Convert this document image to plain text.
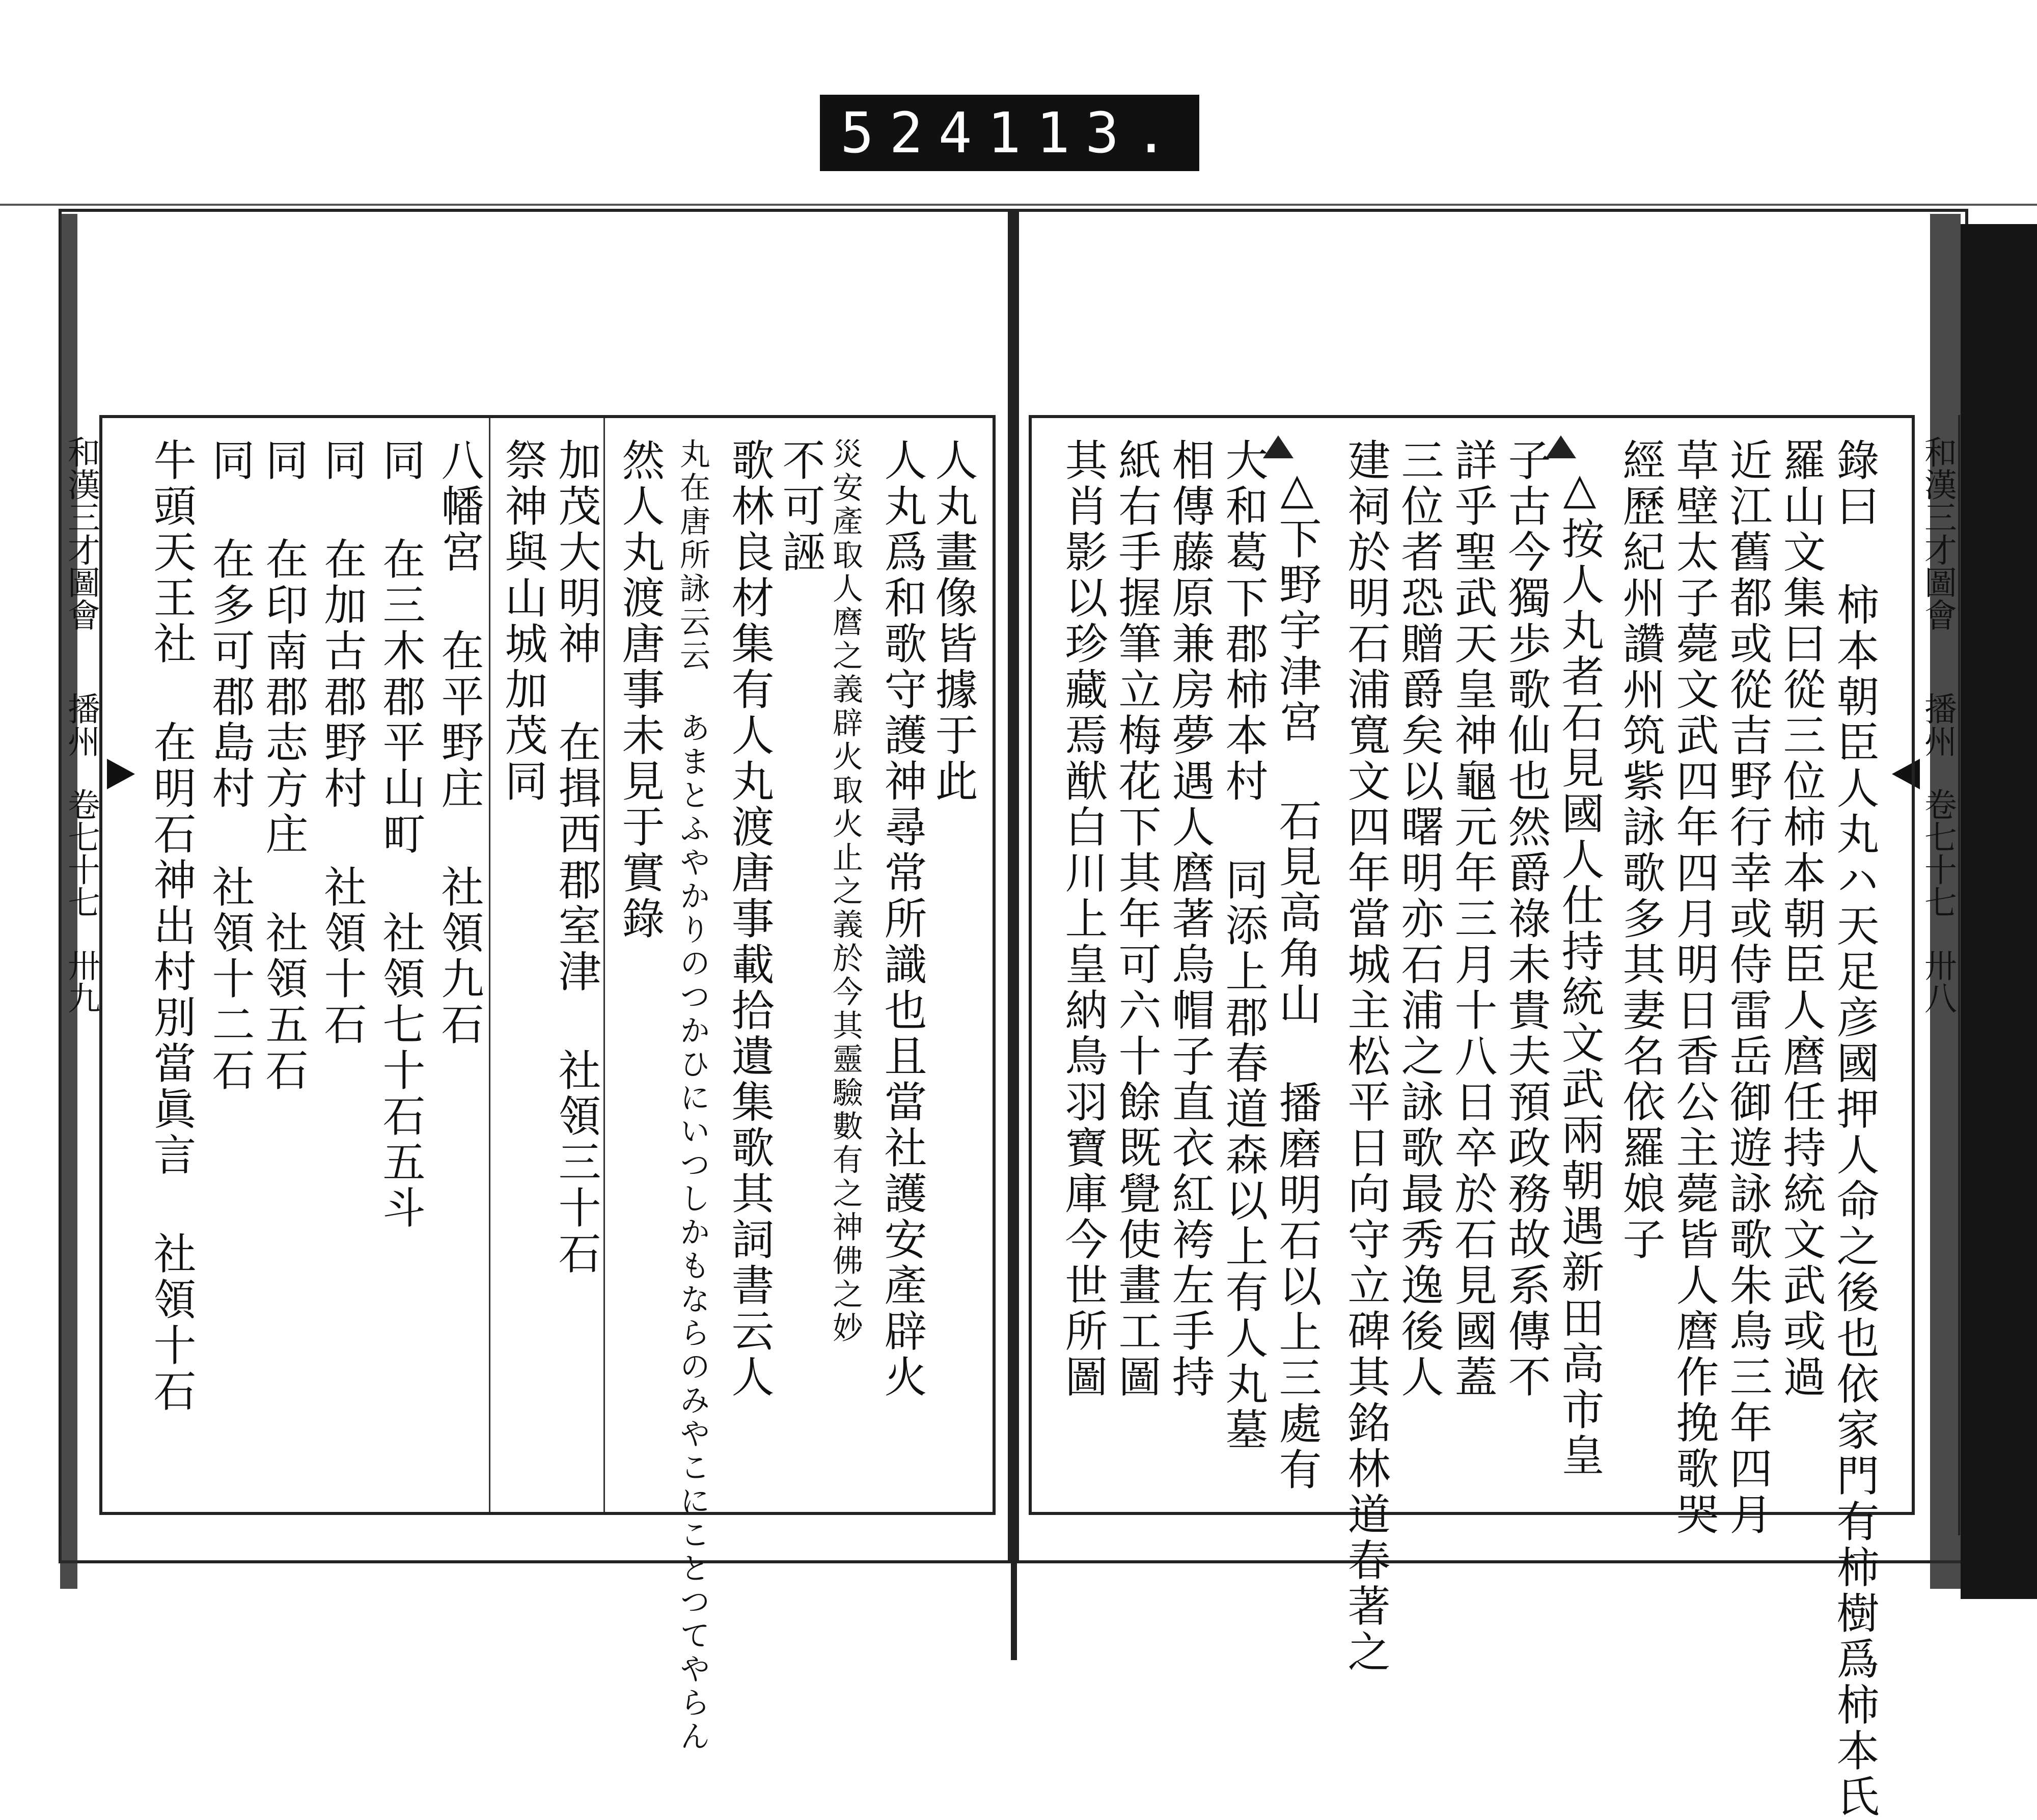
524 113.
和漢三才圖會
播州
卷七十七
卅九
和漢三才圖會
播州
卷七十七
卅八
錄曰 柿本朝臣人丸ハ天足彦國押人命之後也依家門有柿樹爲柿本氏
羅山文集曰從三位柿本朝臣人麿任持統文武或過
近江舊都或從吉野行幸或侍雷岳御遊詠歌朱鳥三年四月
草壁太子薨文武四年四月明日香公主薨皆人麿作挽歌哭
經歷紀州讚州筑紫詠歌多其妻名依羅娘子
△按人丸者石見國人仕持統文武兩朝遇新田高市皇
子古今獨歩歌仙也然爵祿未貴夫預政務故系傳不
詳乎聖武天皇神龜元年三月十八日卒於石見國蓋
三位者恐贈爵矣以曙明亦石浦之詠歌最秀逸後人
建祠於明石浦寬文四年當城主松平日向守立碑其銘林道春著之
△下野宇津宮 石見高角山 播磨明石以上三處有
大和葛下郡柿本村 同添上郡春道森以上有人丸墓
相傳藤原兼房夢遇人麿著烏帽子直衣紅袴左手持
紙右手握筆立梅花下其年可六十餘既覺使畫工圖
其肖影以珍藏焉猷白川上皇納鳥羽寶庫今世所圖
人丸畫像皆據于此
人丸爲和歌守護神尋常所識也且當社護安產辟火
災安產取人麿之義辟火取火止之義於今其靈驗數有之神佛之妙
不可誣
歌林良材集有人丸渡唐事載拾遺集歌其詞書云人
丸在唐所詠云云 あまとふやかりのつかひにいつしかもならのみやこにことつてやらん
然人丸渡唐事未見于實錄
加茂大明神 在揖西郡室津 社領三十石
祭神與山城加茂同
八幡宮 在平野庄 社領九石
同 在三木郡平山町 社領七十石五斗
同 在加古郡野村 社領十石
同 在印南郡志方庄 社領五石
同 在多可郡島村 社領十二石
牛頭天王社 在明石神出村別當眞言 社領十石
